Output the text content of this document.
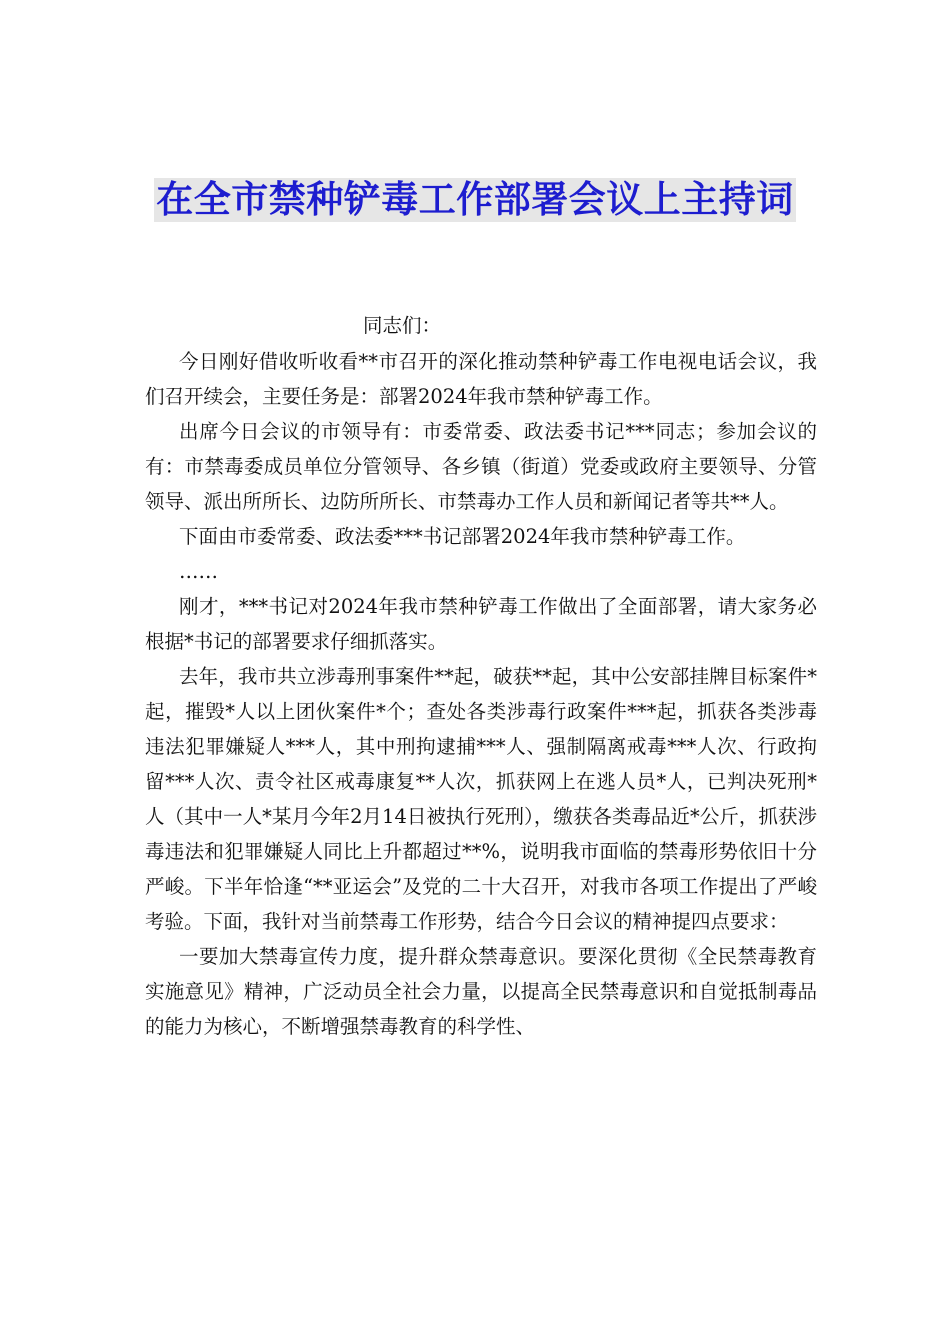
在全市禁种铲毒工作部署会议上主持词

同志们：

今日刚好借收听收看**市召开的深化推动禁种铲毒工作电视电话会议，我们召开续会，主要任务是：部署2024年我市禁种铲毒工作。

出席今日会议的市领导有：市委常委、政法委书记***同志；参加会议的有：市禁毒委成员单位分管领导、各乡镇（街道）党委或政府主要领导、分管领导、派出所所长、边防所所长、市禁毒办工作人员和新闻记者等共**人。

下面由市委常委、政法委***书记部署2024年我市禁种铲毒工作。

……

刚才，***书记对2024年我市禁种铲毒工作做出了全面部署，请大家务必根据*书记的部署要求仔细抓落实。

去年，我市共立涉毒刑事案件**起，破获**起，其中公安部挂牌目标案件*起，摧毁*人以上团伙案件*个；查处各类涉毒行政案件***起，抓获各类涉毒违法犯罪嫌疑人***人，其中刑拘逮捕***人、强制隔离戒毒***人次、行政拘留***人次、责令社区戒毒康复**人次，抓获网上在逃人员*人，已判决死刑*人（其中一人*某月今年2月14日被执行死刑），缴获各类毒品近*公斤，抓获涉毒违法和犯罪嫌疑人同比上升都超过**%，说明我市面临的禁毒形势依旧十分严峻。下半年恰逢“**亚运会”及党的二十大召开，对我市各项工作提出了严峻考验。下面，我针对当前禁毒工作形势，结合今日会议的精神提四点要求：

一要加大禁毒宣传力度，提升群众禁毒意识。要深化贯彻《全民禁毒教育实施意见》精神，广泛动员全社会力量，以提高全民禁毒意识和自觉抵制毒品的能力为核心，不断增强禁毒教育的科学性、
